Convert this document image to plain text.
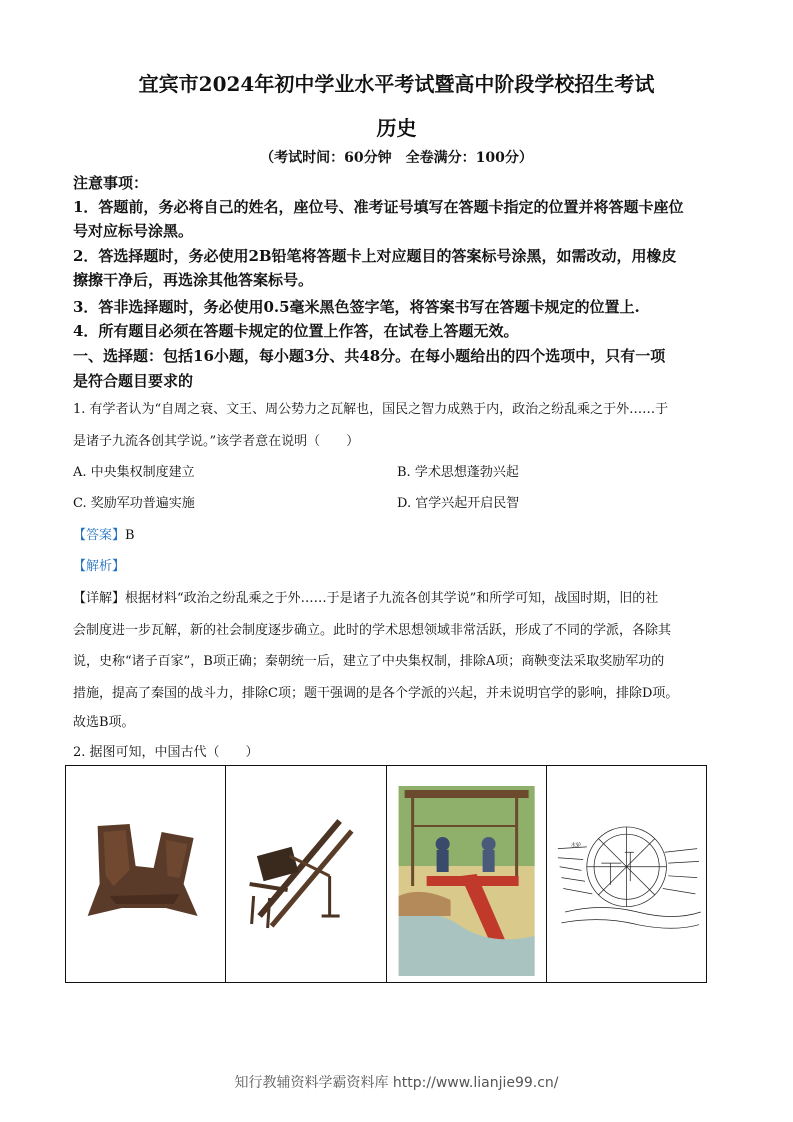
宜宾市2024年初中学业水平考试暨高中阶段学校招生考试
历史
（考试时间：60分钟　全卷满分：100分）
注意事项：
1．答题前，务必将自己的姓名，座位号、准考证号填写在答题卡指定的位置并将答题卡座位
号对应标号涂黑。
2．答选择题时，务必使用2B铅笔将答题卡上对应题目的答案标号涂黑，如需改动，用橡皮
擦擦干净后，再选涂其他答案标号。
3．答非选择题时，务必使用0.5毫米黑色签字笔，将答案书写在答题卡规定的位置上.
4．所有题目必须在答题卡规定的位置上作答，在试卷上答题无效。
一、选择题：包括16小题，每小题3分、共48分。在每小题给出的四个选项中，只有一项
是符合题目要求的
1. 有学者认为“自周之衰、文王、周公势力之瓦解也，国民之智力成熟于内，政治之纷乱乘之于外……于
是诸子九流各创其学说。”该学者意在说明（　　）
A. 中央集权制度建立	B. 学术思想蓬勃兴起
C. 奖励军功普遍实施	D. 官学兴起开启民智
【答案】B
【解析】
【详解】根据材料“政治之纷乱乘之于外……于是诸子九流各创其学说”和所学可知，战国时期，旧的社
会制度进一步瓦解，新的社会制度逐步确立。此时的学术思想领域非常活跃，形成了不同的学派，各除其
说，史称“诸子百家”，B项正确；秦朝统一后，建立了中央集权制，排除A项；商鞅变法采取奖励军功的
措施，提高了秦国的战斗力，排除C项；题干强调的是各个学派的兴起，并未说明官学的影响，排除D项。
故选B项。
2. 据图可知，中国古代（　　）
水轮
知行教辅资料学霸资料库 http://www.lianjie99.cn/
